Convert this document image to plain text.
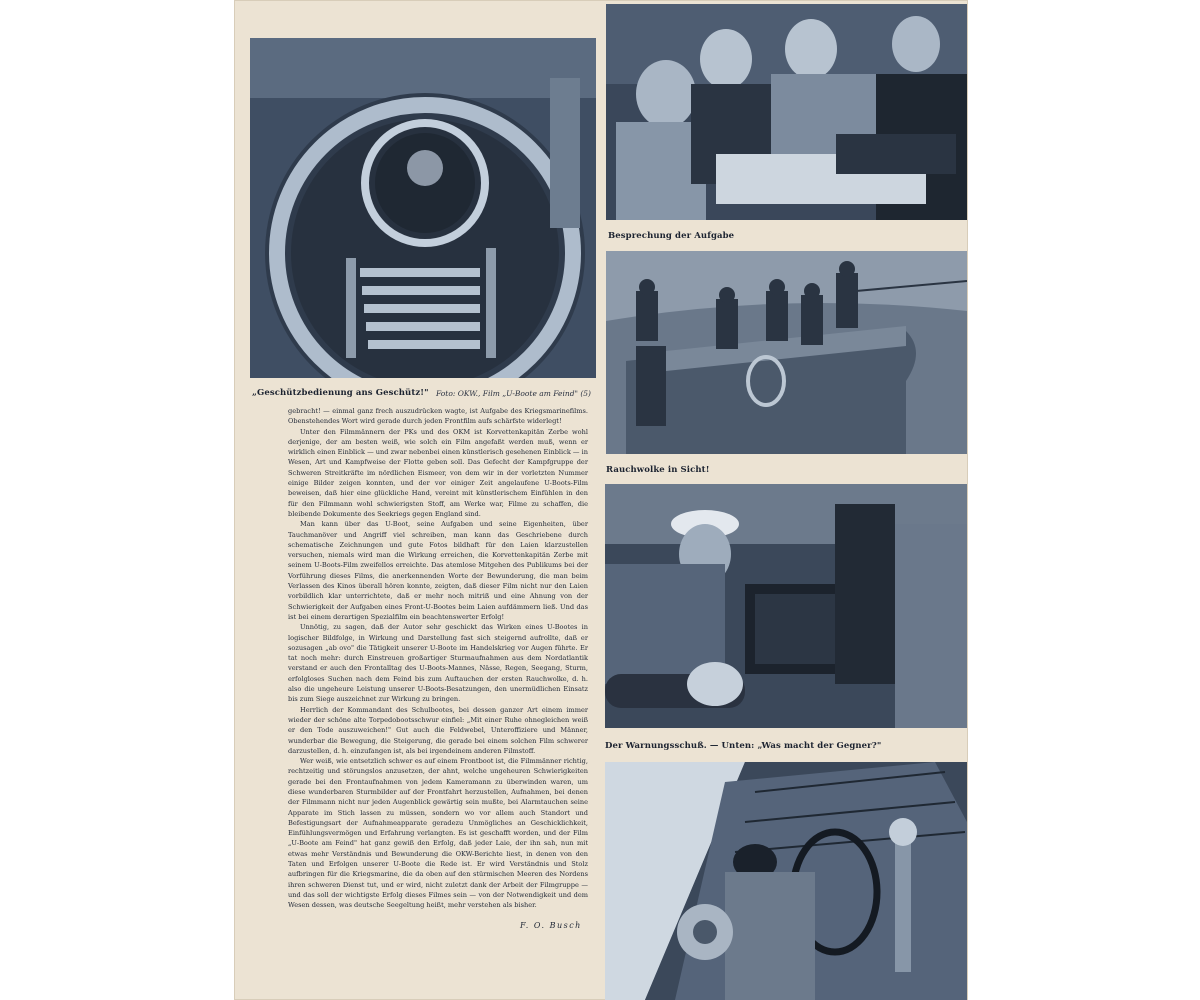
„Geschützbedienung ans Geschütz!" Foto: OKW., Film „U-Boote am Feind" (5)
Besprechung der Aufgabe
Rauchwolke in Sicht!
Der Warnungsschuß. — Unten: „Was macht der Gegner?"

gebracht! — einmal ganz frech auszudrücken wagte, ist Aufgabe des Kriegsmarinefilms. Obenstehendes Wort wird gerade durch jeden Frontfilm aufs schärfste widerlegt!

Unter den Filmmännern der PKs und des OKM ist Korvettenkapitän Zerbe wohl derjenige, der am besten weiß, wie solch ein Film angefaßt werden muß, wenn er wirklich einen Einblick — und zwar nebenbei einen künstlerisch gesehenen Einblick — in Wesen, Art und Kampfweise der Flotte geben soll. Das Gefecht der Kampfgruppe der Schweren Streitkräfte im nördlichen Eismeer, von dem wir in der vorletzten Nummer einige Bilder zeigen konnten, und der vor einiger Zeit angelaufene U-Boots-Film beweisen, daß hier eine glückliche Hand, vereint mit künstlerischem Einfühlen in den für den Filmmann wohl schwierigsten Stoff, am Werke war, Filme zu schaffen, die bleibende Dokumente des Seekriegs gegen England sind.

Man kann über das U-Boot, seine Aufgaben und seine Eigenheiten, über Tauchmanöver und Angriff viel schreiben, man kann das Geschriebene durch schematische Zeichnungen und gute Fotos bildhaft für den Laien klarzustellen versuchen, niemals wird man die Wirkung erreichen, die Korvettenkapitän Zerbe mit seinem U-Boots-Film zweifellos erreichte. Das atemlose Mitgehen des Publikums bei der Vorführung dieses Films, die anerkennenden Worte der Bewunderung, die man beim Verlassen des Kinos überall hören konnte, zeigten, daß dieser Film nicht nur den Laien vorbildlich klar unterrichtete, daß er mehr noch mitriß und eine Ahnung von der Schwierigkeit der Aufgaben eines Front-U-Bootes beim Laien aufdämmern ließ. Und das ist bei einem derartigen Spezialfilm ein beachtenswerter Erfolg!

Unnötig, zu sagen, daß der Autor sehr geschickt das Wirken eines U-Bootes in logischer Bildfolge, in Wirkung und Darstellung fast sich steigernd aufrollte, daß er sozusagen „ab ovo" die Tätigkeit unserer U-Boote im Handelskrieg vor Augen führte. Er tat noch mehr: durch Einstreuen großartiger Sturmaufnahmen aus dem Nordatlantik verstand er auch den Frontalltag des U-Boots-Mannes, Nässe, Regen, Seegang, Sturm, erfolgloses Suchen nach dem Feind bis zum Auftauchen der ersten Rauchwolke, d. h. also die ungeheure Leistung unserer U-Boots-Besatzungen, den unermüdlichen Einsatz bis zum Siege auszeichnet zur Wirkung zu bringen.

Herrlich der Kommandant des Schulbootes, bei dessen ganzer Art einem immer wieder der schöne alte Torpedobootsschwur einfiel: „Mit einer Ruhe ohnegleichen weiß er den Tode auszuweichen!" Gut auch die Feldwebel, Unteroffiziere und Männer, wunderbar die Bewegung, die Steigerung, die gerade bei einem solchen Film schwerer darzustellen, d. h. einzufangen ist, als bei irgendeinem anderen Filmstoff.

Wer weiß, wie entsetzlich schwer es auf einem Frontboot ist, die Filmmänner richtig, rechtzeitig und störungslos anzusetzen, der ahnt, welche ungeheuren Schwierigkeiten gerade bei den Frontaufnahmen von jedem Kameramann zu überwinden waren, um diese wunderbaren Sturmbilder auf der Frontfahrt herzustellen, Aufnahmen, bei denen der Filmmann nicht nur jeden Augenblick gewärtig sein mußte, bei Alarmtauchen seine Apparate im Stich lassen zu müssen, sondern wo vor allem auch Standort und Befestigungsart der Aufnahmeapparate geradezu Unmögliches an Geschicklichkeit, Einfühlungsvermögen und Erfahrung verlangten. Es ist geschafft worden, und der Film „U-Boote am Feind" hat ganz gewiß den Erfolg, daß jeder Laie, der ihn sah, nun mit etwas mehr Verständnis und Bewunderung die OKW-Berichte liest, in denen von den Taten und Erfolgen unserer U-Boote die Rede ist. Er wird Verständnis und Stolz aufbringen für die Kriegsmarine, die da oben auf den stürmischen Meeren des Nordens ihren schweren Dienst tut, und er wird, nicht zuletzt dank der Arbeit der Filmgruppe — und das soll der wichtigste Erfolg dieses Filmes sein — von der Notwendigkeit und dem Wesen dessen, was deutsche Seegeltung heißt, mehr verstehen als bisher.

F. O. Busch
